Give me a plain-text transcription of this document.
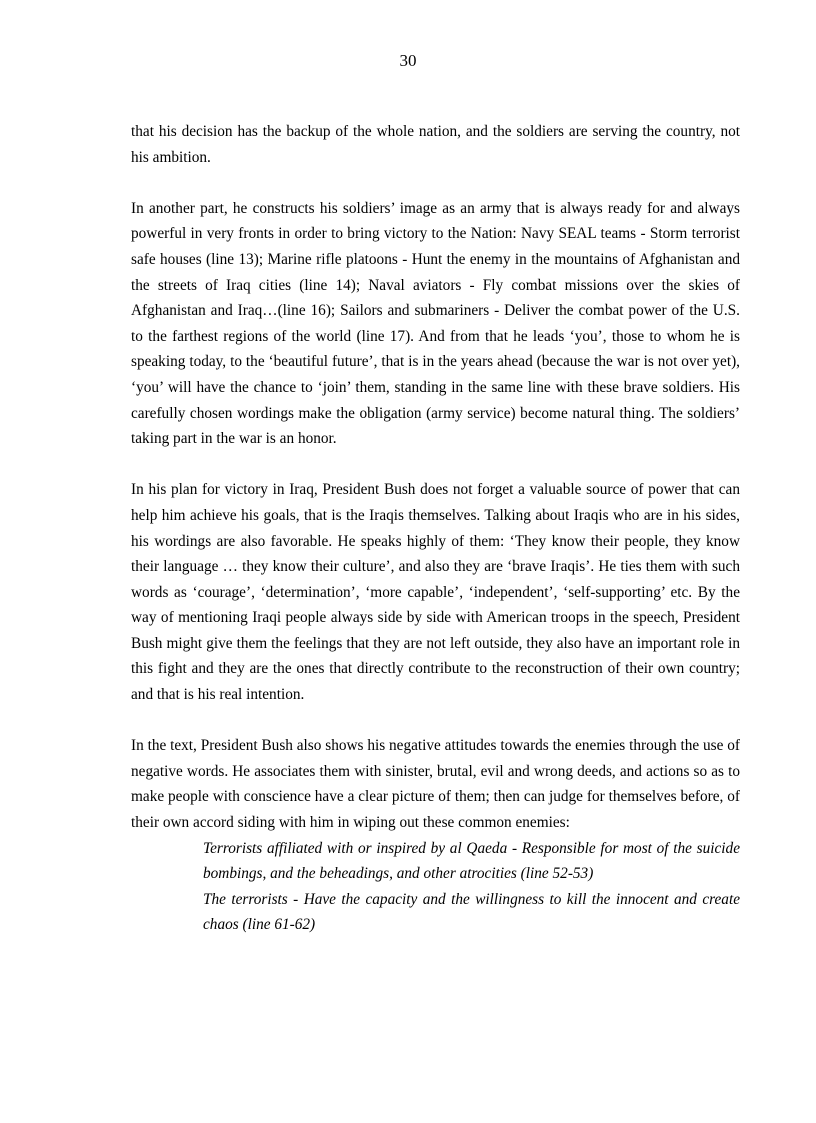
30

that his decision has the backup of the whole nation, and the soldiers are serving the country, not his ambition.

In another part, he constructs his soldiers’ image as an army that is always ready for and always powerful in very fronts in order to bring victory to the Nation: Navy SEAL teams - Storm terrorist safe houses (line 13); Marine rifle platoons - Hunt the enemy in the mountains of Afghanistan and the streets of Iraq cities (line 14); Naval aviators - Fly combat missions over the skies of Afghanistan and Iraq…(line 16); Sailors and submariners - Deliver the combat power of the U.S. to the farthest regions of the world (line 17). And from that he leads ‘you’, those to whom he is speaking today, to the ‘beautiful future’, that is in the years ahead (because the war is not over yet), ‘you’ will have the chance to ‘join’ them, standing in the same line with these brave soldiers. His carefully chosen wordings make the obligation (army service) become natural thing. The soldiers’ taking part in the war is an honor.

In his plan for victory in Iraq, President Bush does not forget a valuable source of power that can help him achieve his goals, that is the Iraqis themselves. Talking about Iraqis who are in his sides, his wordings are also favorable. He speaks highly of them: ‘They know their people, they know their language … they know their culture’, and also they are ‘brave Iraqis’. He ties them with such words as ‘courage’, ‘determination’, ‘more capable’, ‘independent’, ‘self-supporting’ etc. By the way of mentioning Iraqi people always side by side with American troops in the speech, President Bush might give them the feelings that they are not left outside, they also have an important role in this fight and they are the ones that directly contribute to the reconstruction of their own country; and that is his real intention.

In the text, President Bush also shows his negative attitudes towards the enemies through the use of negative words. He associates them with sinister, brutal, evil and wrong deeds, and actions so as to make people with conscience have a clear picture of them; then can judge for themselves before, of their own accord siding with him in wiping out these common enemies:

Terrorists affiliated with or inspired by al Qaeda - Responsible for most of the suicide bombings, and the beheadings, and other atrocities (line 52-53)

The terrorists - Have the capacity and the willingness to kill the innocent and create chaos (line 61-62)
